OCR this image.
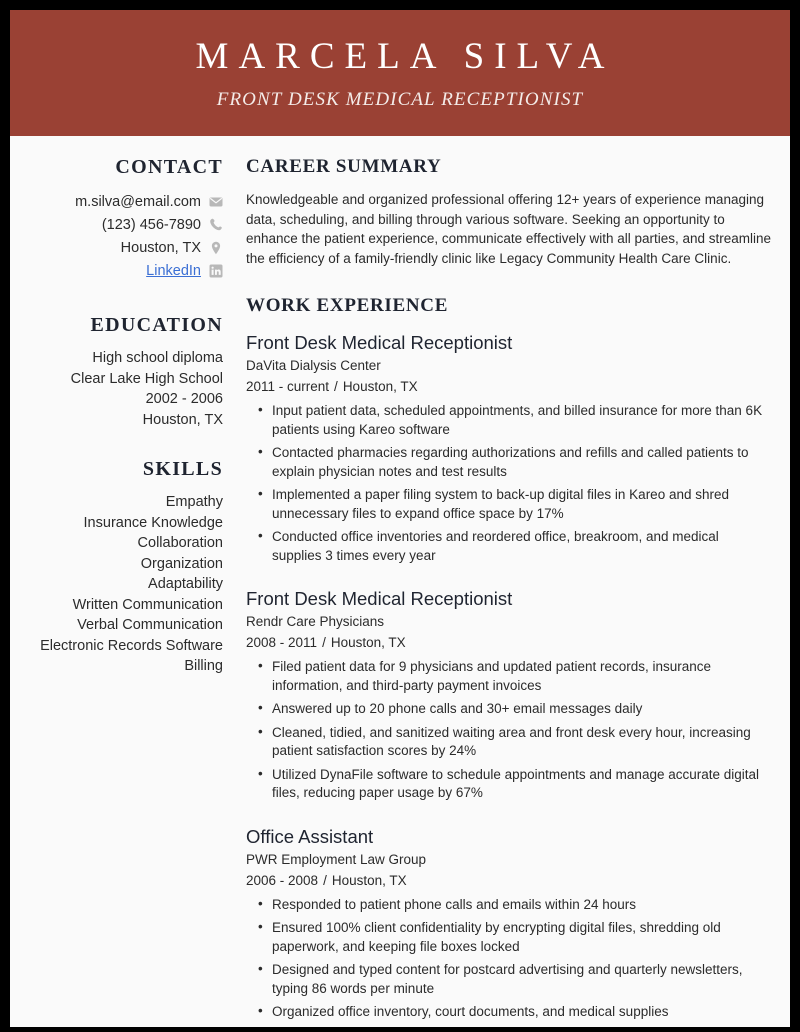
MARCELA SILVA
FRONT DESK MEDICAL RECEPTIONIST
CONTACT
m.silva@email.com
(123) 456-7890
Houston, TX
LinkedIn
EDUCATION
High school diploma
Clear Lake High School
2002 - 2006
Houston, TX
SKILLS
Empathy
Insurance Knowledge
Collaboration
Organization
Adaptability
Written Communication
Verbal Communication
Electronic Records Software
Billing
CAREER SUMMARY
Knowledgeable and organized professional offering 12+ years of experience managing data, scheduling, and billing through various software. Seeking an opportunity to enhance the patient experience, communicate effectively with all parties, and streamline the efficiency of a family-friendly clinic like Legacy Community Health Care Clinic.
WORK EXPERIENCE
Front Desk Medical Receptionist
DaVita Dialysis Center
2011 - current / Houston, TX
• Input patient data, scheduled appointments, and billed insurance for more than 6K patients using Kareo software
• Contacted pharmacies regarding authorizations and refills and called patients to explain physician notes and test results
• Implemented a paper filing system to back-up digital files in Kareo and shred unnecessary files to expand office space by 17%
• Conducted office inventories and reordered office, breakroom, and medical supplies 3 times every year
Front Desk Medical Receptionist
Rendr Care Physicians
2008 - 2011 / Houston, TX
• Filed patient data for 9 physicians and updated patient records, insurance information, and third-party payment invoices
• Answered up to 20 phone calls and 30+ email messages daily
• Cleaned, tidied, and sanitized waiting area and front desk every hour, increasing patient satisfaction scores by 24%
• Utilized DynaFile software to schedule appointments and manage accurate digital files, reducing paper usage by 67%
Office Assistant
PWR Employment Law Group
2006 - 2008 / Houston, TX
• Responded to patient phone calls and emails within 24 hours
• Ensured 100% client confidentiality by encrypting digital files, shredding old paperwork, and keeping file boxes locked
• Designed and typed content for postcard advertising and quarterly newsletters, typing 86 words per minute
• Organized office inventory, court documents, and medical supplies
